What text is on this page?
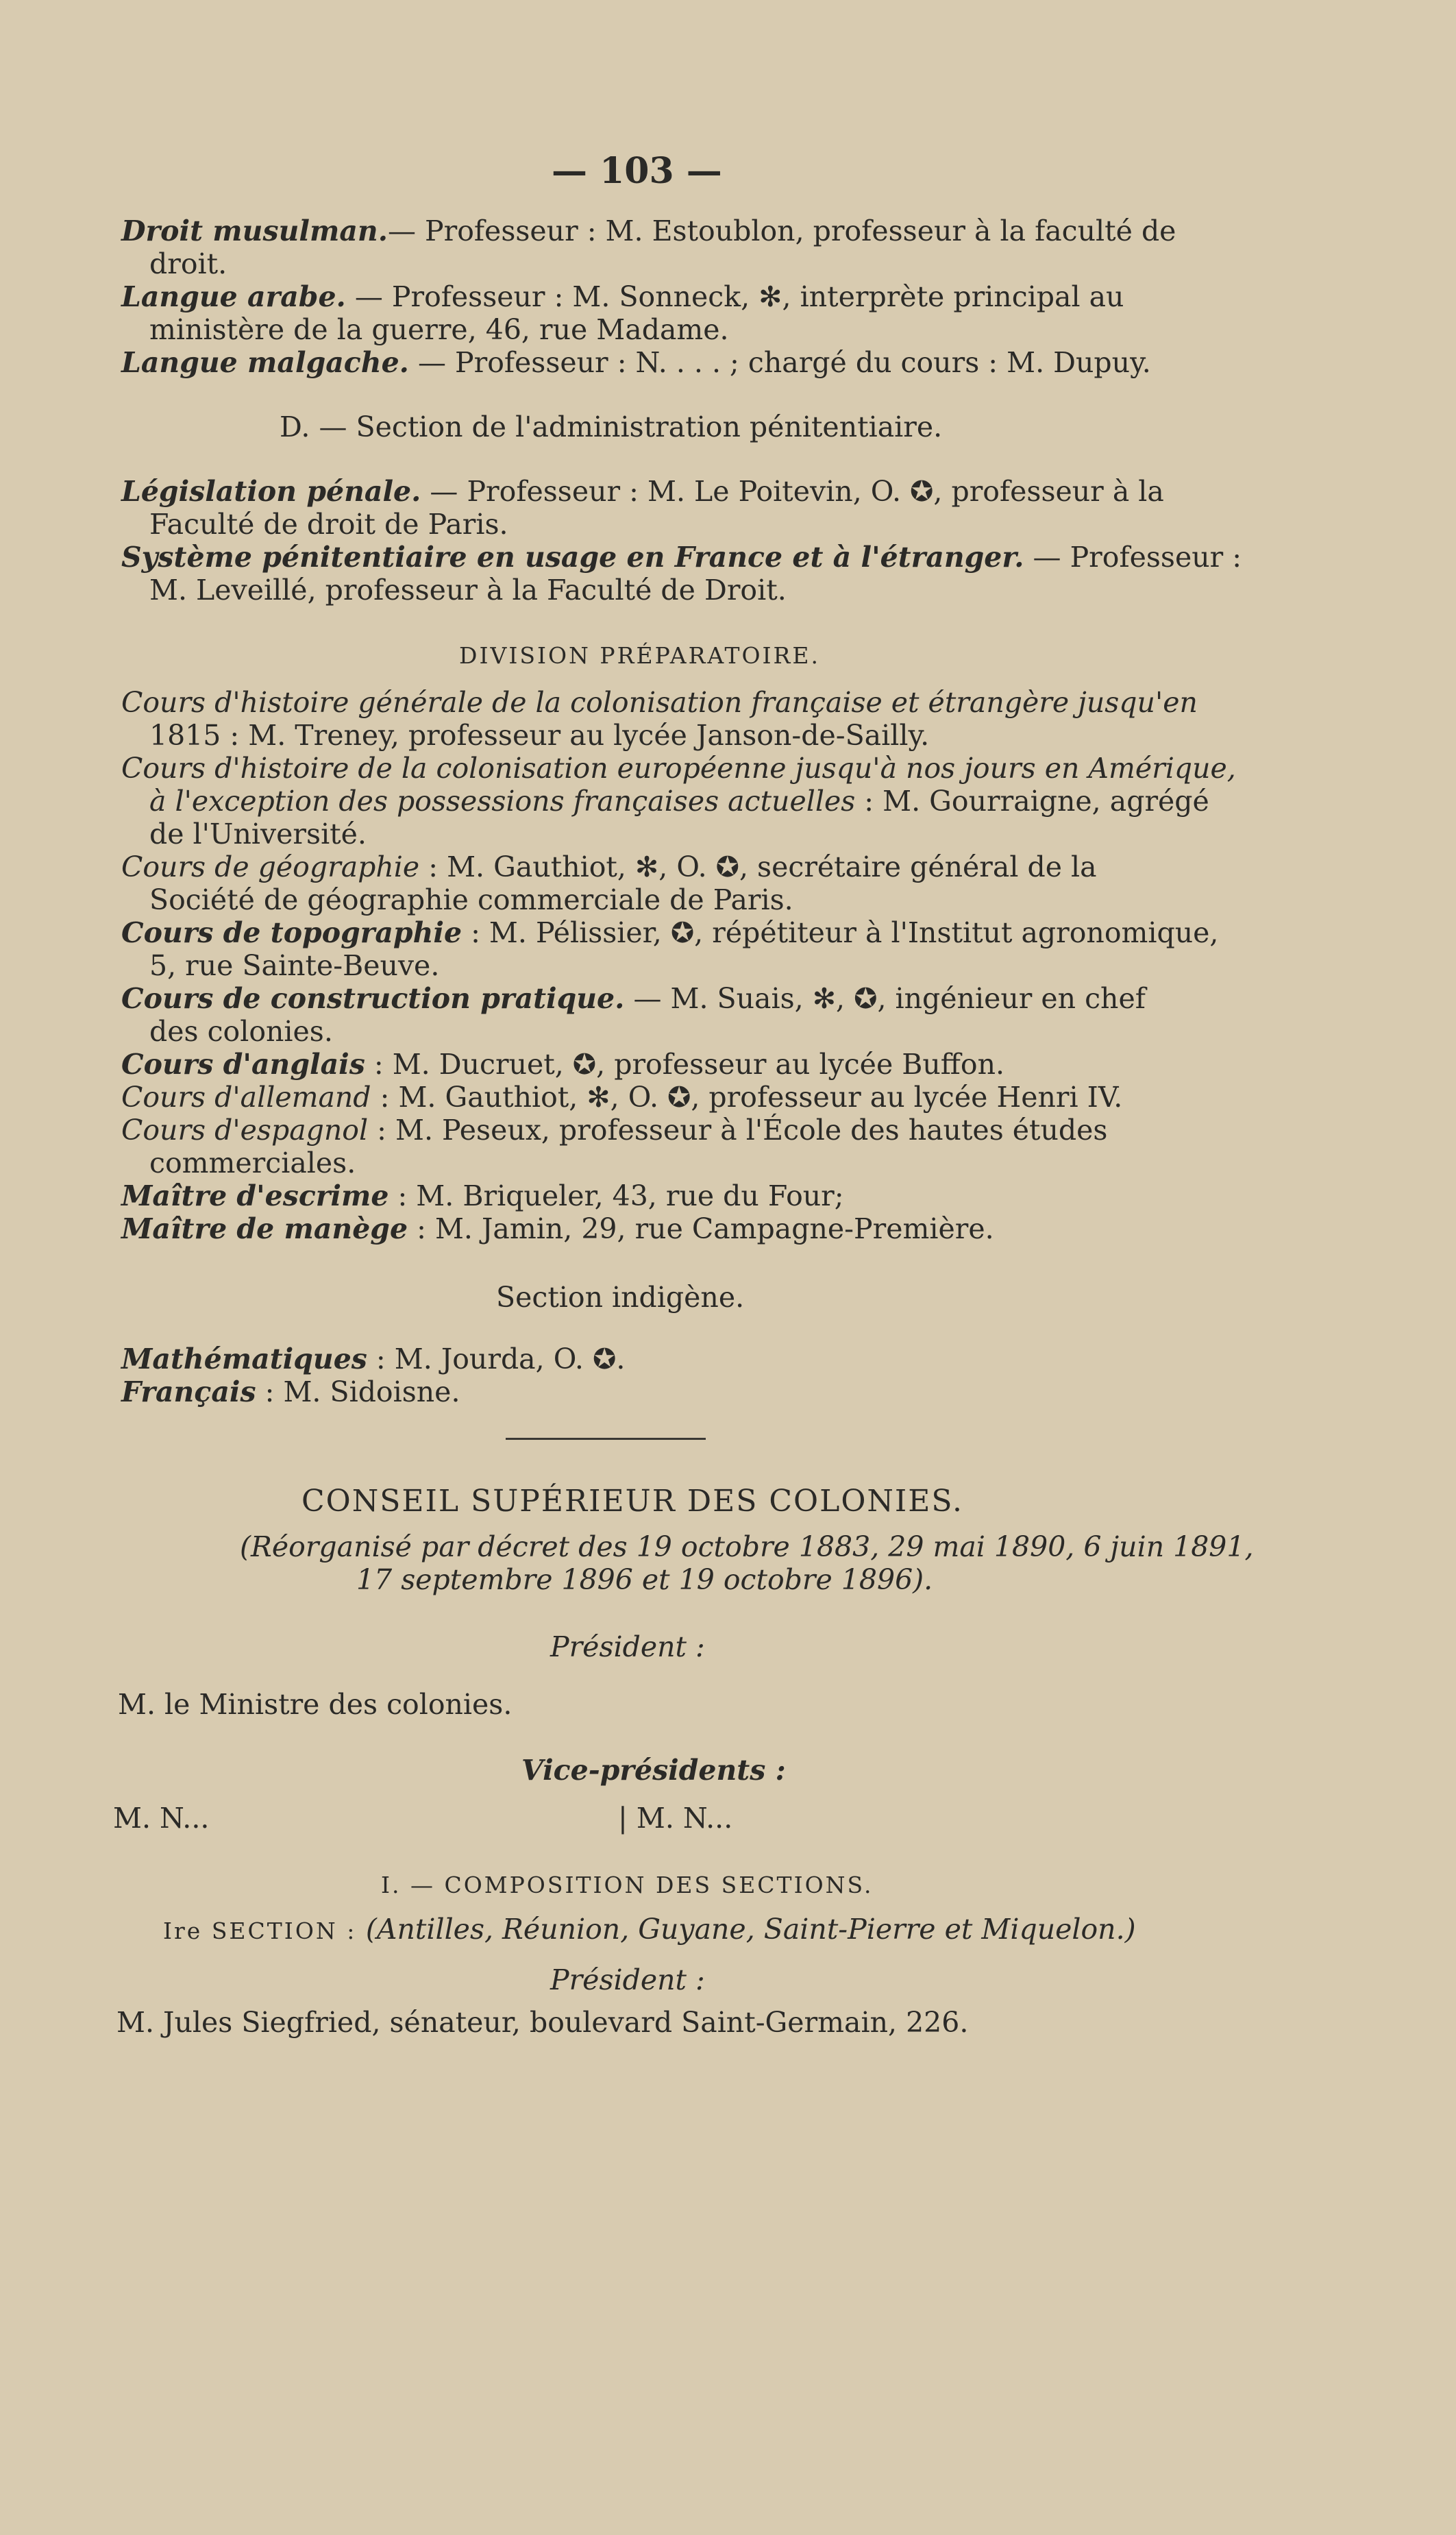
— 103 —
Droit musulman.— Professeur : M. Estoublon, professeur à la faculté de
droit.
Langue arabe. — Professeur : M. Sonneck, ✻, interprète principal au
ministère de la guerre, 46, rue Madame.
Langue malgache. — Professeur : N. . . . ; chargé du cours : M. Dupuy.
D. — Section de l'administration pénitentiaire.
Législation pénale. — Professeur : M. Le Poitevin, O. ✪, professeur à la
Faculté de droit de Paris.
Système pénitentiaire en usage en France et à l'étranger. — Professeur :
M. Leveillé, professeur à la Faculté de Droit.
DIVISION PRÉPARATOIRE.
Cours d'histoire générale de la colonisation française et étrangère jusqu'en
1815 : M. Treney, professeur au lycée Janson-de-Sailly.
Cours d'histoire de la colonisation européenne jusqu'à nos jours en Amérique,
à l'exception des possessions françaises actuelles : M. Gourraigne, agrégé
de l'Université.
Cours de géographie : M. Gauthiot, ✻, O. ✪, secrétaire général de la
Société de géographie commerciale de Paris.
Cours de topographie : M. Pélissier, ✪, répétiteur à l'Institut agronomique,
5, rue Sainte-Beuve.
Cours de construction pratique. — M. Suais, ✻, ✪, ingénieur en chef
des colonies.
Cours d'anglais : M. Ducruet, ✪, professeur au lycée Buffon.
Cours d'allemand : M. Gauthiot, ✻, O. ✪, professeur au lycée Henri IV.
Cours d'espagnol : M. Peseux, professeur à l'École des hautes études
commerciales.
Maître d'escrime : M. Briqueler, 43, rue du Four;
Maître de manège : M. Jamin, 29, rue Campagne-Première.
Section indigène.
Mathématiques : M. Jourda, O. ✪.
Français : M. Sidoisne.
CONSEIL SUPÉRIEUR DES COLONIES.
(Réorganisé par décret des 19 octobre 1883, 29 mai 1890, 6 juin 1891,
17 septembre 1896 et 19 octobre 1896).
Président :
M. le Ministre des colonies.
Vice-présidents :
M. N...	| M. N...
I. — COMPOSITION DES SECTIONS.
Ire SECTION : (Antilles, Réunion, Guyane, Saint-Pierre et Miquelon.)
Président :
M. Jules Siegfried, sénateur, boulevard Saint-Germain, 226.
